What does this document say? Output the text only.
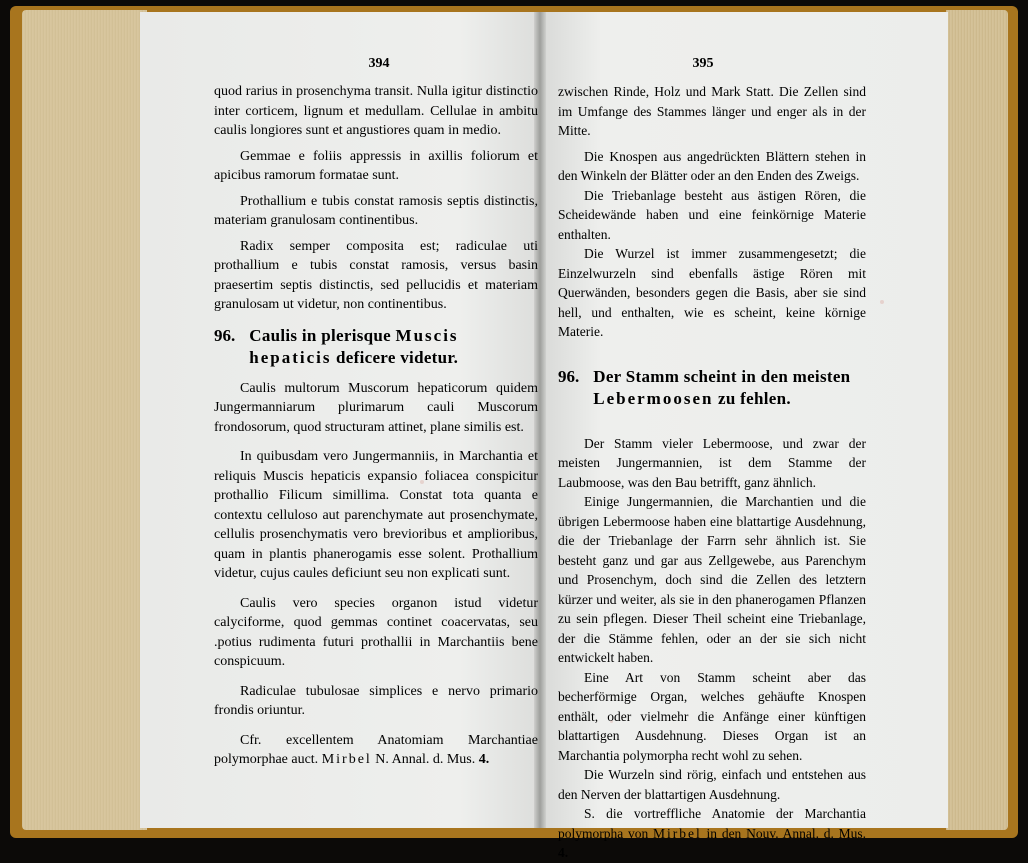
394	395

quod rarius in prosenchyma transit. Nulla igitur distinctio inter corticem, lignum et medullam. Cellulae in ambitu caulis longiores sunt et angustiores quam in medio.

Gemmae e foliis appressis in axillis foliorum et apicibus ramorum formatae sunt.

Prothallium e tubis constat ramosis septis distinctis, materiam granulosam continentibus.

Radix semper composita est; radiculae uti prothallium e tubis constat ramosis, versus basin praesertim septis distinctis, sed pellucidis et materiam granulosam ut videtur, non continentibus.

96. Caulis in plerisque Muscis hepaticis deficere videtur.

Caulis multorum Muscorum hepaticorum quidem Jungermanniarum plurimarum cauli Muscorum frondosorum, quod structuram attinet, plane similis est.

In quibusdam vero Jungermanniis, in Marchantia et reliquis Muscis hepaticis expansio foliacea conspicitur prothallio Filicum simillima. Constat tota quanta e contextu celluloso aut parenchymate aut prosenchymate, cellulis prosenchymatis vero brevioribus et amplioribus, quam in plantis phanerogamis esse solent. Prothallium videtur, cujus caules deficiunt seu non explicati sunt.

Caulis vero species organon istud videtur calyciforme, quod gemmas continet coacervatas, seu .potius rudimenta futuri prothallii in Marchantiis bene conspicuum.

Radiculae tubulosae simplices e nervo primario frondis oriuntur.

Cfr. excellentem Anatomiam Marchantiae polymorphae auct. Mirbel N. Annal. d. Mus. 4.

zwischen Rinde, Holz und Mark Statt. Die Zellen sind im Umfange des Stammes länger und enger als in der Mitte.

Die Knospen aus angedrückten Blättern stehen in den Winkeln der Blätter oder an den Enden des Zweigs.

Die Triebanlage besteht aus ästigen Rören, die Scheidewände haben und eine feinkörnige Materie enthalten.

Die Wurzel ist immer zusammengesetzt; die Einzelwurzeln sind ebenfalls ästige Rören mit Querwänden, besonders gegen die Basis, aber sie sind hell, und enthalten, wie es scheint, keine körnige Materie.

96. Der Stamm scheint in den meisten Lebermoosen zu fehlen.

Der Stamm vieler Lebermoose, und zwar der meisten Jungermannien, ist dem Stamme der Laubmoose, was den Bau betrifft, ganz ähnlich.

Einige Jungermannien, die Marchantien und die übrigen Lebermoose haben eine blattartige Ausdehnung, die der Triebanlage der Farrn sehr ähnlich ist. Sie besteht ganz und gar aus Zellgewebe, aus Parenchym und Prosenchym, doch sind die Zellen des letztern kürzer und weiter, als sie in den phanerogamen Pflanzen zu sein pflegen. Dieser Theil scheint eine Triebanlage, der die Stämme fehlen, oder an der sie sich nicht entwickelt haben.

Eine Art von Stamm scheint aber das becherförmige Organ, welches gehäufte Knospen enthält, oder vielmehr die Anfänge einer künftigen blattartigen Ausdehnung. Dieses Organ ist an Marchantia polymorpha recht wohl zu sehen.

Die Wurzeln sind rörig, einfach und entstehen aus den Nerven der blattartigen Ausdehnung.

S. die vortreffliche Anatomie der Marchantia polymorpha von Mirbel in den Nouv. Annal. d. Mus. 4.
